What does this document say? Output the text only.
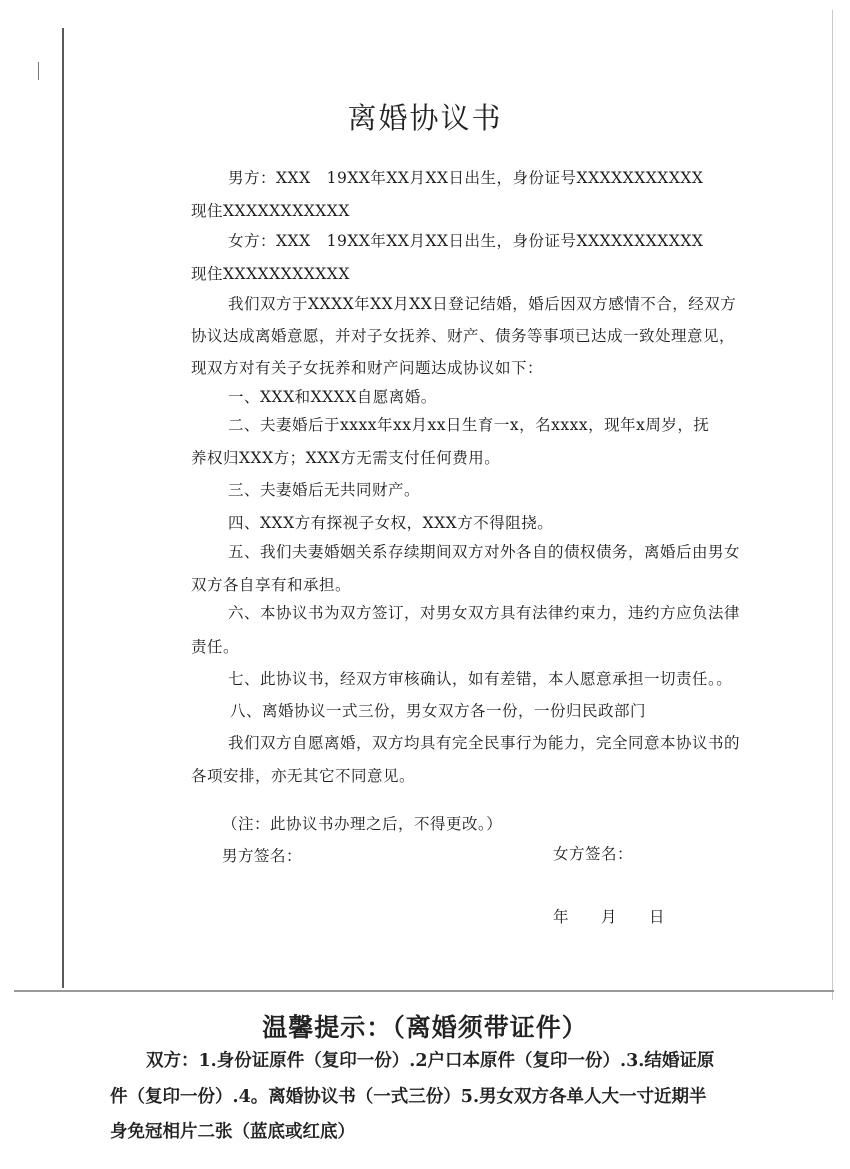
离婚协议书
男方：XXX　19XX年XX月XX日出生，身份证号XXXXXXXXXXX
现住XXXXXXXXXXX
女方：XXX　19XX年XX月XX日出生，身份证号XXXXXXXXXXX
现住XXXXXXXXXXX
我们双方于XXXX年XX月XX日登记结婚，婚后因双方感情不合，经双方
协议达成离婚意愿，并对子女抚养、财产、债务等事项已达成一致处理意见，
现双方对有关子女抚养和财产问题达成协议如下：
一、XXX和XXXX自愿离婚。
二、夫妻婚后于xxxx年xx月xx日生育一x，名xxxx，现年x周岁，抚
养权归XXX方；XXX方无需支付任何费用。
三、夫妻婚后无共同财产。
四、XXX方有探视子女权，XXX方不得阻挠。
五、我们夫妻婚姻关系存续期间双方对外各自的债权债务，离婚后由男女
双方各自享有和承担。
六、本协议书为双方签订，对男女双方具有法律约束力，违约方应负法律
责任。
七、此协议书，经双方审核确认，如有差错，本人愿意承担一切责任。。
八、离婚协议一式三份，男女双方各一份，一份归民政部门
我们双方自愿离婚，双方均具有完全民事行为能力，完全同意本协议书的
各项安排，亦无其它不同意见。
（注：此协议书办理之后，不得更改。）
男方签名：	女方签名：
年　　月　　日
温馨提示：（离婚须带证件）
双方：1.身份证原件（复印一份）.2户口本原件（复印一份）.3.结婚证原
件（复印一份）.4。离婚协议书（一式三份）5.男女双方各单人大一寸近期半
身免冠相片二张（蓝底或红底）
